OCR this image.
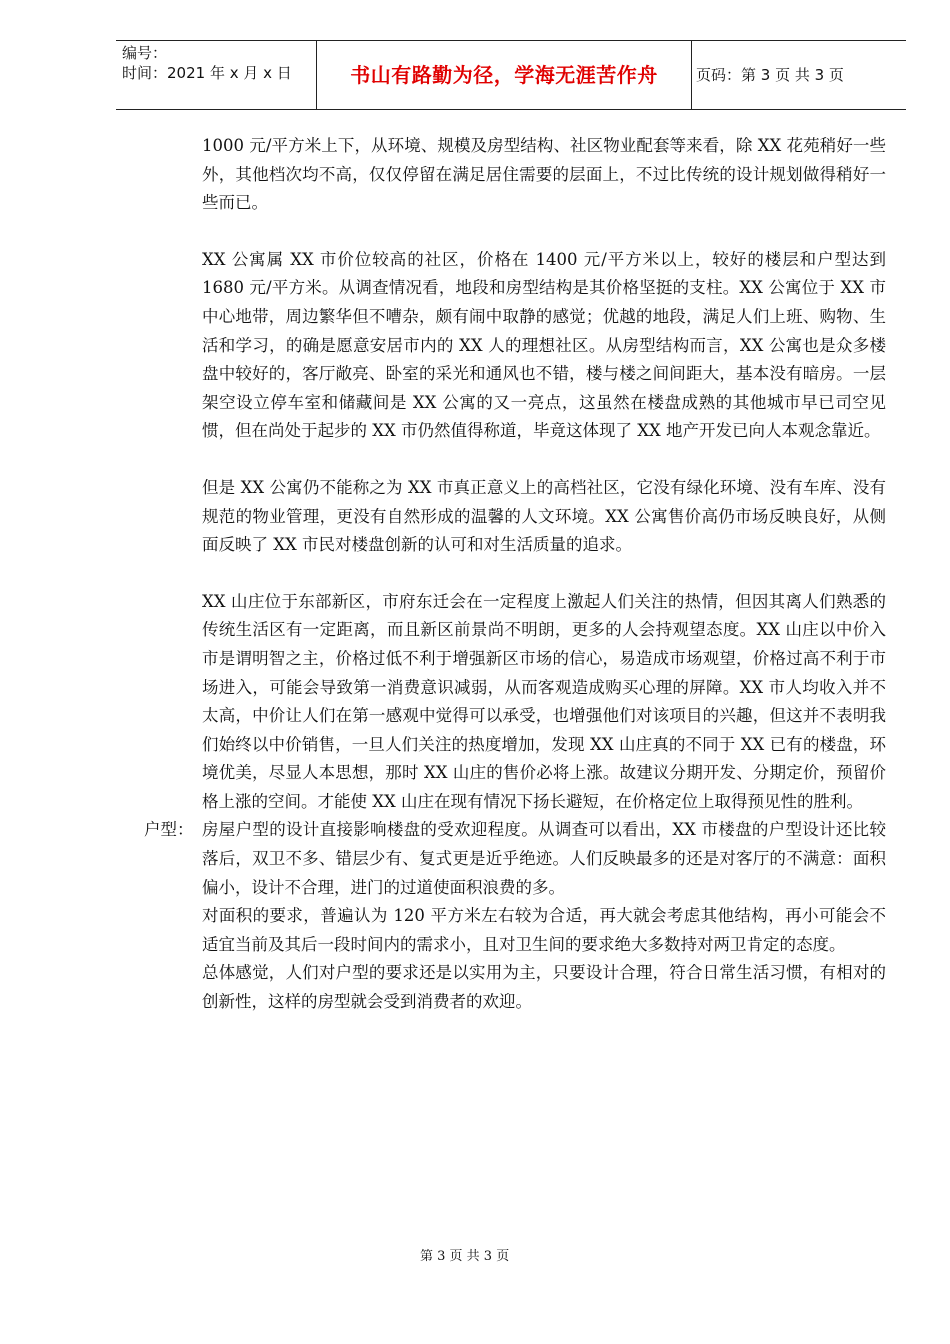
编号：
时间：2021 年 x 月 x 日	书山有路勤为径，学海无涯苦作舟	页码：第 3 页 共 3 页

1000 元/平方米上下，从环境、规模及房型结构、社区物业配套等来看，除 XX 花苑稍好一些外，其他档次均不高，仅仅停留在满足居住需要的层面上，不过比传统的设计规划做得稍好一些而已。

XX 公寓属 XX 市价位较高的社区，价格在 1400 元/平方米以上，较好的楼层和户型达到 1680 元/平方米。从调查情况看，地段和房型结构是其价格坚挺的支柱。XX 公寓位于 XX 市中心地带，周边繁华但不嘈杂，颇有闹中取静的感觉；优越的地段，满足人们上班、购物、生活和学习，的确是愿意安居市内的 XX 人的理想社区。从房型结构而言，XX 公寓也是众多楼盘中较好的，客厅敞亮、卧室的采光和通风也不错，楼与楼之间间距大，基本没有暗房。一层架空设立停车室和储藏间是 XX 公寓的又一亮点，这虽然在楼盘成熟的其他城市早已司空见惯，但在尚处于起步的 XX 市仍然值得称道，毕竟这体现了 XX 地产开发已向人本观念靠近。

但是 XX 公寓仍不能称之为 XX 市真正意义上的高档社区，它没有绿化环境、没有车库、没有规范的物业管理，更没有自然形成的温馨的人文环境。XX 公寓售价高仍市场反映良好，从侧面反映了 XX 市民对楼盘创新的认可和对生活质量的追求。

XX 山庄位于东部新区，市府东迁会在一定程度上激起人们关注的热情，但因其离人们熟悉的传统生活区有一定距离，而且新区前景尚不明朗，更多的人会持观望态度。XX 山庄以中价入市是谓明智之主，价格过低不利于增强新区市场的信心，易造成市场观望，价格过高不利于市场进入，可能会导致第一消费意识减弱，从而客观造成购买心理的屏障。XX 市人均收入并不太高，中价让人们在第一感观中觉得可以承受，也增强他们对该项目的兴趣，但这并不表明我们始终以中价销售，一旦人们关注的热度增加，发现 XX 山庄真的不同于 XX 已有的楼盘，环境优美，尽显人本思想，那时 XX 山庄的售价必将上涨。故建议分期开发、分期定价，预留价格上涨的空间。才能使 XX 山庄在现有情况下扬长避短，在价格定位上取得预见性的胜利。

户型： 房屋户型的设计直接影响楼盘的受欢迎程度。从调查可以看出，XX 市楼盘的户型设计还比较落后，双卫不多、错层少有、复式更是近乎绝迹。人们反映最多的还是对客厅的不满意：面积偏小，设计不合理，进门的过道使面积浪费的多。

对面积的要求，普遍认为 120 平方米左右较为合适，再大就会考虑其他结构，再小可能会不适宜当前及其后一段时间内的需求小，且对卫生间的要求绝大多数持对两卫肯定的态度。

总体感觉，人们对户型的要求还是以实用为主，只要设计合理，符合日常生活习惯，有相对的创新性，这样的房型就会受到消费者的欢迎。

第 3 页 共 3 页
